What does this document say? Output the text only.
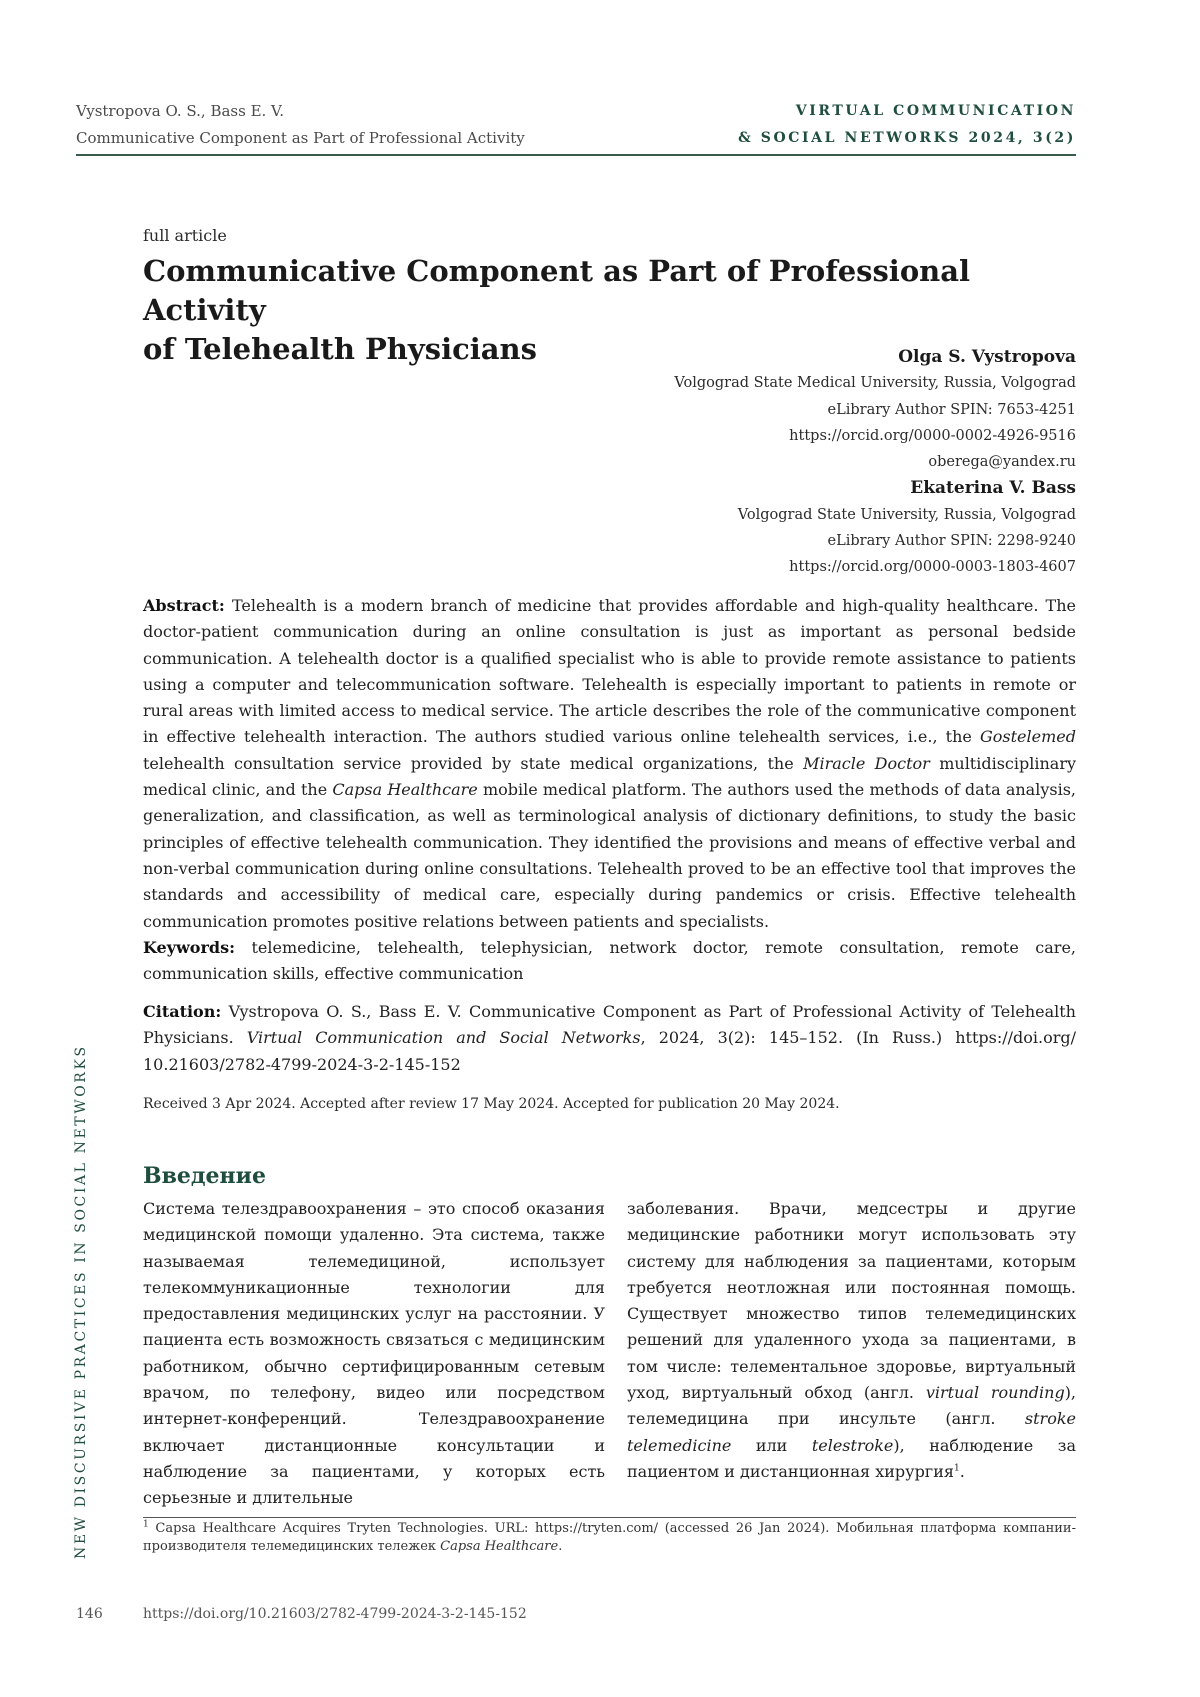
Vystropova O. S., Bass E. V.
Communicative Component as Part of Professional Activity
VIRTUAL COMMUNICATION
& SOCIAL NETWORKS 2024, 3(2)
NEW DISCURSIVE PRACTICES IN SOCIAL NETWORKS
full article
Communicative Component as Part of Professional Activity
of Telehealth Physicians	Olga S. Vystropova
Volgograd State Medical University, Russia, Volgograd
eLibrary Author SPIN: 7653-4251
https://orcid.org/0000-0002-4926-9516
oberega@yandex.ru
Ekaterina V. Bass
Volgograd State University, Russia, Volgograd
eLibrary Author SPIN: 2298-9240
https://orcid.org/0000-0003-1803-4607
Abstract: Telehealth is a modern branch of medicine that provides affordable and high-quality healthcare. The doctor-patient communication during an online consultation is just as important as personal bedside communication. A telehealth doctor is a qualified specialist who is able to provide remote assistance to patients using a computer and telecommunication software. Telehealth is especially important to patients in remote or rural areas with limited access to medical service. The article describes the role of the communicative component in effective telehealth interaction. The authors studied various online telehealth services, i.e., the Gostelemed telehealth consultation service provided by state medical organizations, the Miracle Doctor multidisciplinary medical clinic, and the Capsa Healthcare mobile medical platform. The authors used the methods of data analysis, generalization, and classification, as well as terminological analysis of dictionary definitions, to study the basic principles of effective telehealth communication. They identified the provisions and means of effective verbal and non-verbal communication during online consultations. Telehealth proved to be an effective tool that improves the standards and accessibility of medical care, especially during pandemics or crisis. Effective telehealth communication promotes positive relations between patients and specialists.
Keywords: telemedicine, telehealth, telephysician, network doctor, remote consultation, remote care, communication skills, effective communication
Citation: Vystropova O. S., Bass E. V. Communicative Component as Part of Professional Activity of Telehealth Physicians. Virtual Communication and Social Networks, 2024, 3(2): 145–152. (In Russ.) https://doi.org/ 10.21603/2782-4799-2024-3-2-145-152
Received 3 Apr 2024. Accepted after review 17 May 2024. Accepted for publication 20 May 2024.
Введение
Система телездравоохранения – это способ оказания медицинской помощи удаленно. Эта система, также называемая телемедициной, использует телекоммуникационные технологии для предоставления медицинских услуг на расстоянии. У пациента есть возможность связаться с медицинским работником, обычно сертифицированным сетевым врачом, по телефону, видео или посредством интернет-конференций. Телездравоохранение включает дистанционные консультации и наблюдение за пациентами, у которых есть серьезные и длительные
заболевания. Врачи, медсестры и другие медицинские работники могут использовать эту систему для наблюдения за пациентами, которым требуется неотложная или постоянная помощь. Существует множество типов телемедицинских решений для удаленного ухода за пациентами, в том числе: телементальное здоровье, виртуальный уход, виртуальный обход (англ. virtual rounding), телемедицина при инсульте (англ. stroke telemedicine или telestroke), наблюдение за пациентом и дистанционная хирургия$^1$.
$^1$ Capsa Healthcare Acquires Tryten Technologies. URL: https://tryten.com/ (accessed 26 Jan 2024). Мобильная платформа компании-производителя телемедицинских тележек Capsa Healthcare.
146	https://doi.org/10.21603/2782-4799-2024-3-2-145-152
